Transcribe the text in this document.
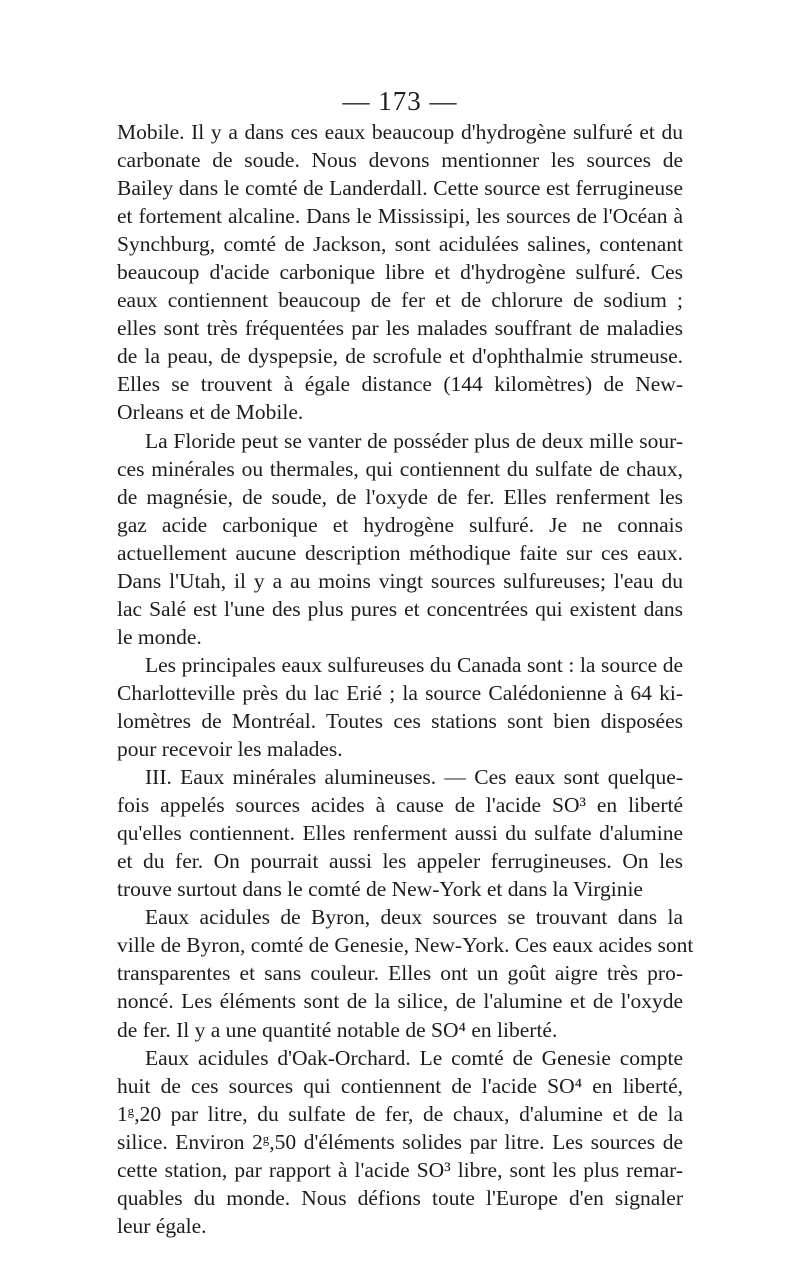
— 173 —
Mobile. Il y a dans ces eaux beaucoup d'hydrogène sulfuré et du
carbonate de soude. Nous devons mentionner les sources de
Bailey dans le comté de Landerdall. Cette source est ferrugineuse
et fortement alcaline. Dans le Mississipi, les sources de l'Océan à
Synchburg, comté de Jackson, sont acidulées salines, contenant
beaucoup d'acide carbonique libre et d'hydrogène sulfuré. Ces
eaux contiennent beaucoup de fer et de chlorure de sodium ;
elles sont très fréquentées par les malades souffrant de maladies
de la peau, de dyspepsie, de scrofule et d'ophthalmie strumeuse.
Elles se trouvent à égale distance (144 kilomètres) de New-
Orleans et de Mobile.
La Floride peut se vanter de posséder plus de deux mille sour-
ces minérales ou thermales, qui contiennent du sulfate de chaux,
de magnésie, de soude, de l'oxyde de fer. Elles renferment les
gaz acide carbonique et hydrogène sulfuré. Je ne connais
actuellement aucune description méthodique faite sur ces eaux.
Dans l'Utah, il y a au moins vingt sources sulfureuses; l'eau du
lac Salé est l'une des plus pures et concentrées qui existent dans
le monde.
Les principales eaux sulfureuses du Canada sont : la source de
Charlotteville près du lac Erié ; la source Calédonienne à 64 ki-
lomètres de Montréal. Toutes ces stations sont bien disposées
pour recevoir les malades.
III. Eaux minérales alumineuses. — Ces eaux sont quelque-
fois appelés sources acides à cause de l'acide SO³ en liberté
qu'elles contiennent. Elles renferment aussi du sulfate d'alumine
et du fer. On pourrait aussi les appeler ferrugineuses. On les
trouve surtout dans le comté de New-York et dans la Virginie
Eaux acidules de Byron, deux sources se trouvant dans la
ville de Byron, comté de Genesie, New-York. Ces eaux acides sont
transparentes et sans couleur. Elles ont un goût aigre très pro-
noncé. Les éléments sont de la silice, de l'alumine et de l'oxyde
de fer. Il y a une quantité notable de SO⁴ en liberté.
Eaux acidules d'Oak-Orchard. Le comté de Genesie compte
huit de ces sources qui contiennent de l'acide SO⁴ en liberté,
1ᵍ,20 par litre, du sulfate de fer, de chaux, d'alumine et de la
silice. Environ 2ᵍ,50 d'éléments solides par litre. Les sources de
cette station, par rapport à l'acide SO³ libre, sont les plus remar-
quables du monde. Nous défions toute l'Europe d'en signaler
leur égale.
